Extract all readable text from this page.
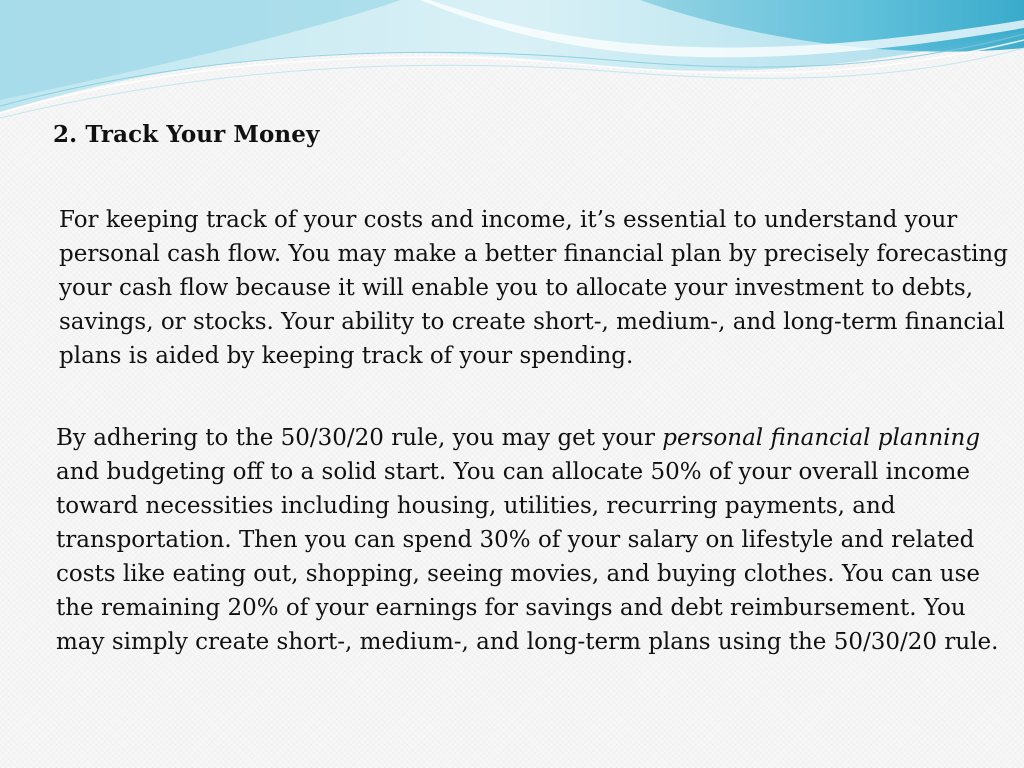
2. Track Your Money

For keeping track of your costs and income, it’s essential to understand your personal cash flow. You may make a better financial plan by precisely forecasting your cash flow because it will enable you to allocate your investment to debts, savings, or stocks. Your ability to create short-, medium-, and long-term financial plans is aided by keeping track of your spending.

By adhering to the 50/30/20 rule, you may get your personal financial planning and budgeting off to a solid start. You can allocate 50% of your overall income toward necessities including housing, utilities, recurring payments, and transportation. Then you can spend 30% of your salary on lifestyle and related costs like eating out, shopping, seeing movies, and buying clothes. You can use the remaining 20% of your earnings for savings and debt reimbursement. You may simply create short-, medium-, and long-term plans using the 50/30/20 rule.
